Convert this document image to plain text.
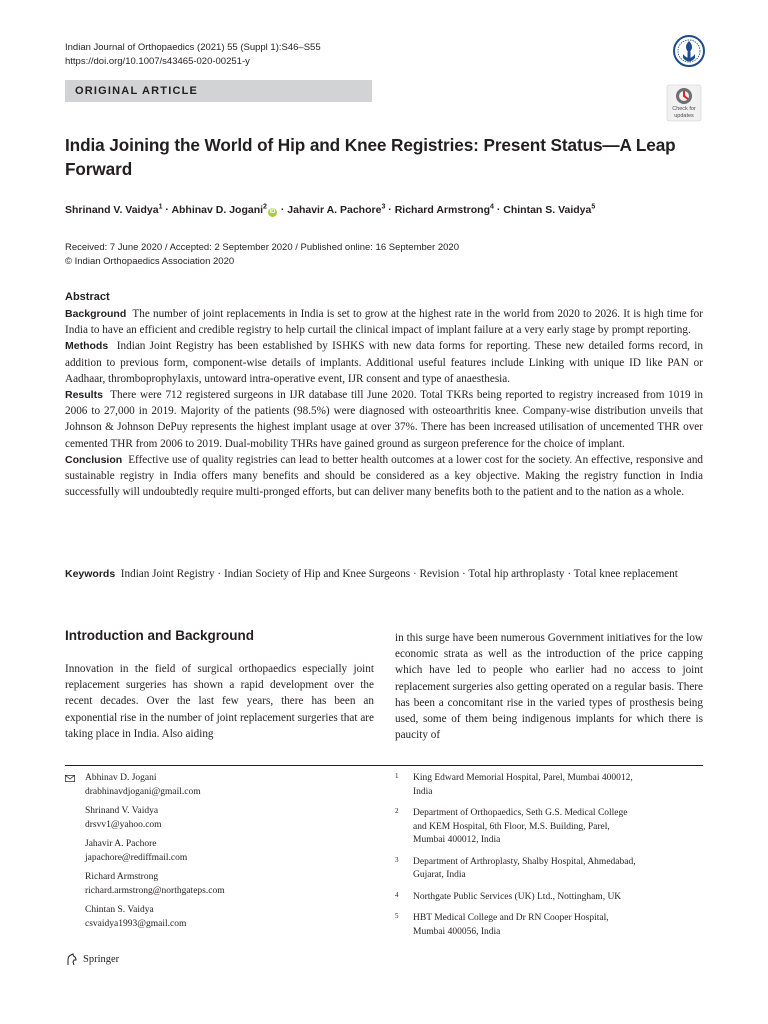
Indian Journal of Orthopaedics (2021) 55 (Suppl 1):S46–S55
https://doi.org/10.1007/s43465-020-00251-y
ORIGINAL ARTICLE
Check for
updates
India Joining the World of Hip and Knee Registries: Present Status—A Leap Forward
Shrinand V. Vaidya$^1$ · Abhinav D. Jogani$^2$iD · Jahavir A. Pachore$^3$ · Richard Armstrong$^4$ · Chintan S. Vaidya$^5$
Received: 7 June 2020 / Accepted: 2 September 2020 / Published online: 16 September 2020
© Indian Orthopaedics Association 2020
Abstract

Background The number of joint replacements in India is set to grow at the highest rate in the world from 2020 to 2026. It is high time for India to have an efficient and credible registry to help curtail the clinical impact of implant failure at a very early stage by prompt reporting.

Methods Indian Joint Registry has been established by ISHKS with new data forms for reporting. These new detailed forms record, in addition to previous form, component-wise details of implants. Additional useful features include Linking with unique ID like PAN or Aadhaar, thromboprophylaxis, untoward intra-operative event, IJR consent and type of anaesthesia.

Results There were 712 registered surgeons in IJR database till June 2020. Total TKRs being reported to registry increased from 1019 in 2006 to 27,000 in 2019. Majority of the patients (98.5%) were diagnosed with osteoarthritis knee. Company-wise distribution unveils that Johnson & Johnson DePuy represents the highest implant usage at over 37%. There has been increased utilisation of uncemented THR over cemented THR from 2006 to 2019. Dual-mobility THRs have gained ground as surgeon preference for the choice of implant.

Conclusion Effective use of quality registries can lead to better health outcomes at a lower cost for the society. An effective, responsive and sustainable registry in India offers many benefits and should be considered as a key objective. Making the registry function in India successfully will undoubtedly require multi-pronged efforts, but can deliver many benefits both to the patient and to the nation as a whole.

Keywords Indian Joint Registry · Indian Society of Hip and Knee Surgeons · Revision · Total hip arthroplasty · Total knee replacement
Introduction and Background

Innovation in the field of surgical orthopaedics especially joint replacement surgeries has shown a rapid development over the recent decades. Over the last few years, there has been an exponential rise in the number of joint replacement surgeries that are taking place in India. Also aiding

in this surge have been numerous Government initiatives for the low economic strata as well as the introduction of the price capping which have led to people who earlier had no access to joint replacement surgeries also getting operated on a regular basis. There has been a concomitant rise in the varied types of prosthesis being used, some of them being indigenous implants for which there is paucity of

Abhinav D. Jogani
drabhinavdjogani@gmail.com
Shrinand V. Vaidya
drsvv1@yahoo.com
Jahavir A. Pachore
japachore@rediffmail.com
Richard Armstrong
richard.armstrong@northgateps.com
Chintan S. Vaidya
csvaidya1993@gmail.com
1 King Edward Memorial Hospital, Parel, Mumbai 400012,
India
2 Department of Orthopaedics, Seth G.S. Medical College
and KEM Hospital, 6th Floor, M.S. Building, Parel,
Mumbai 400012, India
3 Department of Arthroplasty, Shalby Hospital, Ahmedabad,
Gujarat, India
4 Northgate Public Services (UK) Ltd., Nottingham, UK
5 HBT Medical College and Dr RN Cooper Hospital,
Mumbai 400056, India
Springer
